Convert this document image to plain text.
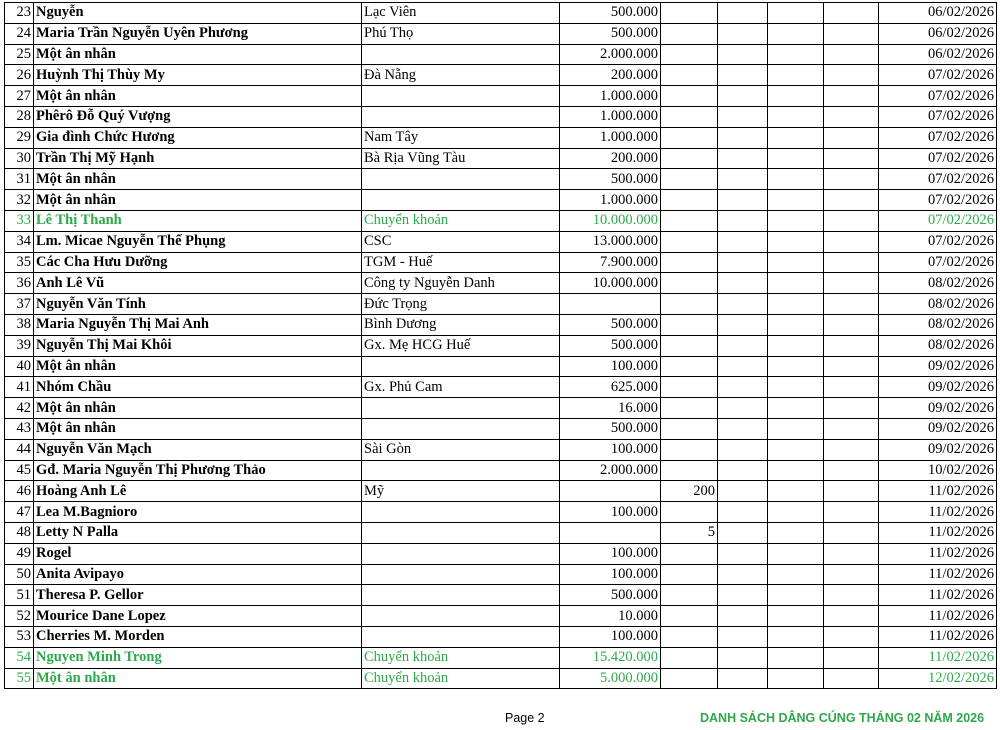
23	Nguyễn	Lạc Viên	500.000					06/02/2026
24	Maria Trần Nguyễn Uyên Phương	Phú Thọ	500.000					06/02/2026
25	Một ân nhân		2.000.000					06/02/2026
26	Huỳnh Thị Thùy My	Đà Nẵng	200.000					07/02/2026
27	Một ân nhân		1.000.000					07/02/2026
28	Phêrô Đỗ Quý Vượng		1.000.000					07/02/2026
29	Gia đình Chức Hương	Nam Tây	1.000.000					07/02/2026
30	Trần Thị Mỹ Hạnh	Bà Rịa Vũng Tàu	200.000					07/02/2026
31	Một ân nhân		500.000					07/02/2026
32	Một ân nhân		1.000.000					07/02/2026
33	Lê Thị Thanh	Chuyển khoản	10.000.000					07/02/2026
34	Lm. Micae Nguyễn Thế Phụng	CSC	13.000.000					07/02/2026
35	Các Cha Hưu Dưỡng	TGM - Huế	7.900.000					07/02/2026
36	Anh Lê Vũ	Công ty Nguyễn Danh	10.000.000					08/02/2026
37	Nguyễn Văn Tính	Đức Trọng						08/02/2026
38	Maria Nguyễn Thị Mai Anh	Bình Dương	500.000					08/02/2026
39	Nguyễn Thị Mai Khôi	Gx. Mẹ HCG Huế	500.000					08/02/2026
40	Một ân nhân		100.000					09/02/2026
41	Nhóm Chầu	Gx. Phủ Cam	625.000					09/02/2026
42	Một ân nhân		16.000					09/02/2026
43	Một ân nhân		500.000					09/02/2026
44	Nguyễn Văn Mạch	Sài Gòn	100.000					09/02/2026
45	Gđ. Maria Nguyễn Thị Phương Thảo		2.000.000					10/02/2026
46	Hoàng Anh Lê	Mỹ		200				11/02/2026
47	Lea M.Bagnioro		100.000					11/02/2026
48	Letty N Palla			5				11/02/2026
49	Rogel		100.000					11/02/2026
50	Anita Avipayo		100.000					11/02/2026
51	Theresa P. Gellor		500.000					11/02/2026
52	Mourice Dane Lopez		10.000					11/02/2026
53	Cherries M. Morden		100.000					11/02/2026
54	Nguyen Minh Trong	Chuyển khoản	15.420.000					11/02/2026
55	Một ân nhân	Chuyển khoản	5.000.000					12/02/2026
Page 2	DANH SÁCH DÂNG CÚNG THÁNG 02 NĂM 2026
